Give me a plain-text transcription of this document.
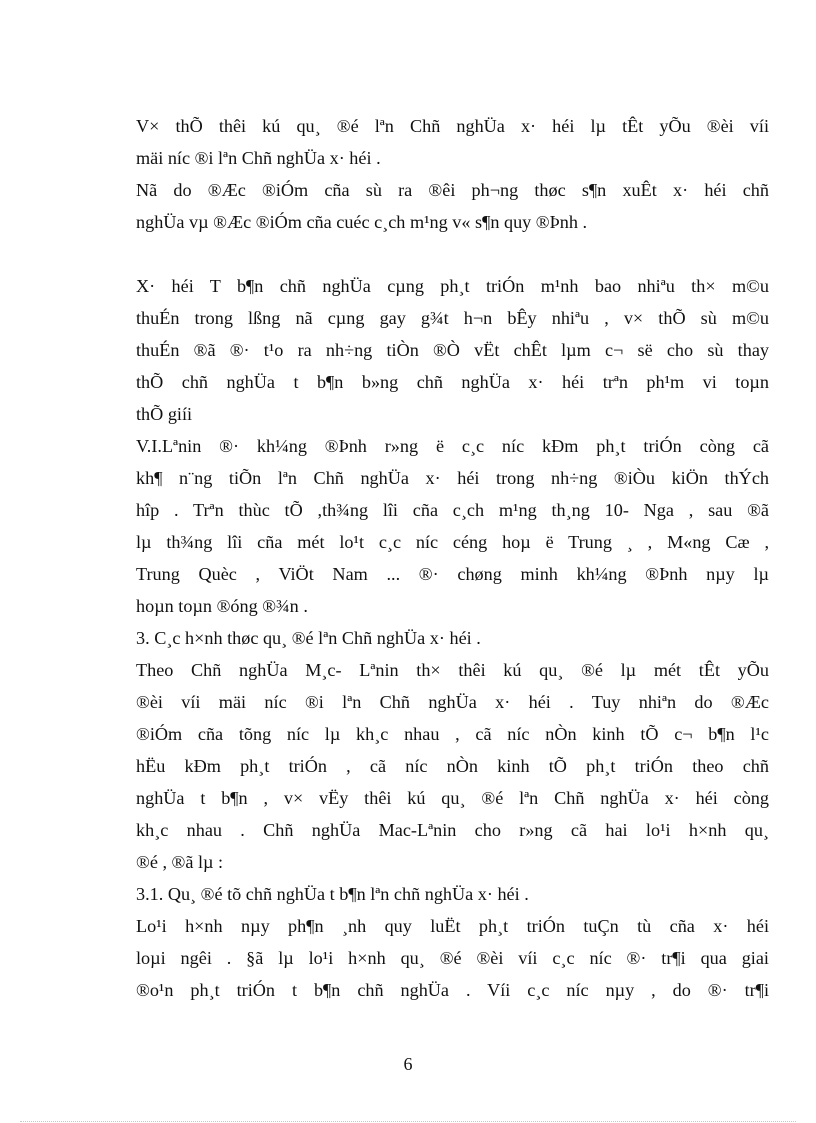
V× thÕ thêi kú qu¸ ®é lªn Chñ nghÜa x· héi lµ tÊt yÕu ®èi víi
mäi níc ®i lªn Chñ nghÜa x· héi .
Nã do ®Æc ®iÓm cña sù ra ®êi ph¬ng thøc s¶n xuÊt x· héi chñ
nghÜa vµ ®Æc ®iÓm cña cuéc c¸ch m¹ng v« s¶n quy ®Þnh .
X· héi T b¶n chñ nghÜa cµng ph¸t triÓn m¹nh bao nhiªu th× m©u
thuÉn trong lßng nã cµng gay g¾t h¬n bÊy nhiªu , v× thÕ sù m©u
thuÉn ®ã ®· t¹o ra nh÷ng tiÒn ®Ò vËt chÊt lµm c¬ së cho sù thay
thÕ chñ nghÜa t b¶n b»ng chñ nghÜa x· héi trªn ph¹m vi toµn
thÕ giíi
V.I.Lªnin ®· kh¼ng ®Þnh r»ng ë c¸c níc kÐm ph¸t triÓn còng cã
kh¶ n¨ng tiÕn lªn Chñ nghÜa x· héi trong nh÷ng ®iÒu kiÖn thÝch
hîp . Trªn thùc tÕ ,th¾ng lîi cña c¸ch m¹ng th¸ng 10- Nga , sau ®ã
lµ th¾ng lîi cña mét lo¹t c¸c níc céng hoµ ë Trung ¸ , M«ng Cæ ,
Trung Quèc , ViÖt Nam ... ®· chøng minh kh¼ng ®Þnh nµy lµ
hoµn toµn ®óng ®¾n .
3. C¸c h×nh thøc qu¸ ®é lªn Chñ nghÜa x· héi .
Theo Chñ nghÜa M¸c- Lªnin th× thêi kú qu¸ ®é lµ mét tÊt yÕu
®èi víi mäi níc ®i lªn Chñ nghÜa x· héi . Tuy nhiªn do ®Æc
®iÓm cña tõng níc lµ kh¸c nhau , cã níc nÒn kinh tÕ c¬ b¶n l¹c
hËu kÐm ph¸t triÓn , cã níc nÒn kinh tÕ ph¸t triÓn theo chñ
nghÜa t b¶n , v× vËy thêi kú qu¸ ®é lªn Chñ nghÜa x· héi còng
kh¸c nhau . Chñ nghÜa Mac-Lªnin cho r»ng cã hai lo¹i h×nh qu¸
®é , ®ã lµ :
3.1. Qu¸ ®é tõ chñ nghÜa t b¶n lªn chñ nghÜa x· héi .
Lo¹i h×nh nµy ph¶n ¸nh quy luËt ph¸t triÓn tuÇn tù cña x· héi
loµi ngêi . §ã lµ lo¹i h×nh qu¸ ®é ®èi víi c¸c níc ®· tr¶i qua giai
®o¹n ph¸t triÓn t b¶n chñ nghÜa . Víi c¸c níc nµy , do ®· tr¶i
6
